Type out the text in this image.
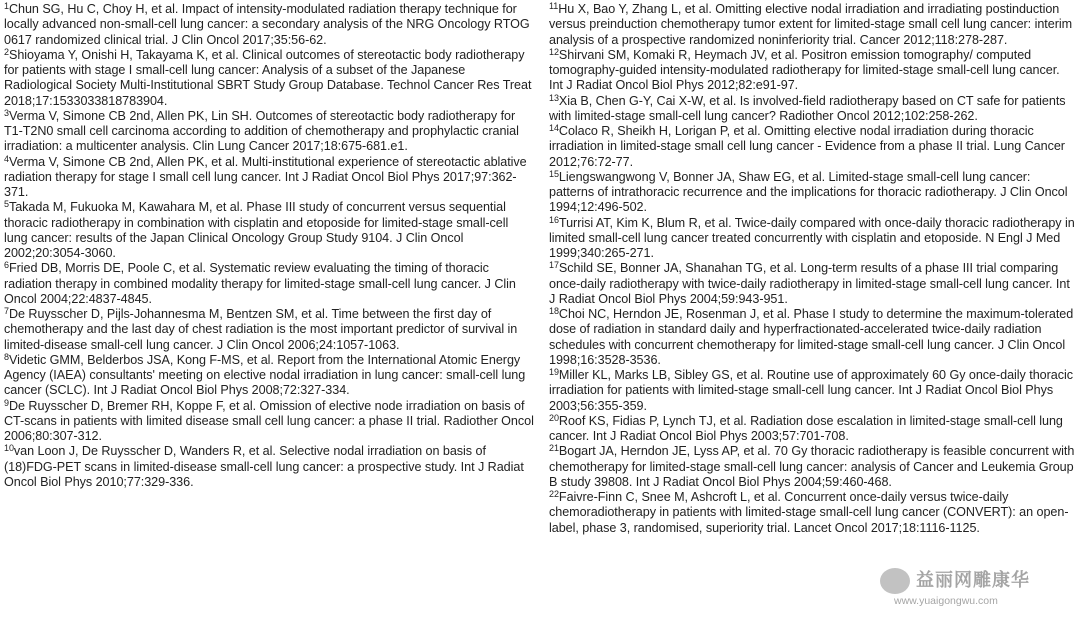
$^1$Chun SG, Hu C, Choy H, et al. Impact of intensity-modulated radiation therapy technique for locally advanced non-small-cell lung cancer: a secondary analysis of the NRG Oncology RTOG 0617 randomized clinical trial. J Clin Oncol 2017;35:56-62.

$^2$Shioyama Y, Onishi H, Takayama K, et al. Clinical outcomes of stereotactic body radiotherapy for patients with stage I small-cell lung cancer: Analysis of a subset of the Japanese Radiological Society Multi-Institutional SBRT Study Group Database. Technol Cancer Res Treat 2018;17:1533033818783904.

$^3$Verma V, Simone CB 2nd, Allen PK, Lin SH. Outcomes of stereotactic body radiotherapy for T1-T2N0 small cell carcinoma according to addition of chemotherapy and prophylactic cranial irradiation: a multicenter analysis. Clin Lung Cancer 2017;18:675-681.e1.

$^4$Verma V, Simone CB 2nd, Allen PK, et al. Multi-institutional experience of stereotactic ablative radiation therapy for stage I small cell lung cancer. Int J Radiat Oncol Biol Phys 2017;97:362-371.

$^5$Takada M, Fukuoka M, Kawahara M, et al. Phase III study of concurrent versus sequential thoracic radiotherapy in combination with cisplatin and etoposide for limited-stage small-cell lung cancer: results of the Japan Clinical Oncology Group Study 9104. J Clin Oncol 2002;20:3054-3060.

$^6$Fried DB, Morris DE, Poole C, et al. Systematic review evaluating the timing of thoracic radiation therapy in combined modality therapy for limited-stage small-cell lung cancer. J Clin Oncol 2004;22:4837-4845.

$^7$De Ruysscher D, Pijls-Johannesma M, Bentzen SM, et al. Time between the first day of chemotherapy and the last day of chest radiation is the most important predictor of survival in limited-disease small-cell lung cancer. J Clin Oncol 2006;24:1057-1063.

$^8$Videtic GMM, Belderbos JSA, Kong F-MS, et al. Report from the International Atomic Energy Agency (IAEA) consultants' meeting on elective nodal irradiation in lung cancer: small-cell lung cancer (SCLC). Int J Radiat Oncol Biol Phys 2008;72:327-334.

$^9$De Ruysscher D, Bremer RH, Koppe F, et al. Omission of elective node irradiation on basis of CT-scans in patients with limited disease small cell lung cancer: a phase II trial. Radiother Oncol 2006;80:307-312.

$^{10}$van Loon J, De Ruysscher D, Wanders R, et al. Selective nodal irradiation on basis of (18)FDG-PET scans in limited-disease small-cell lung cancer: a prospective study. Int J Radiat Oncol Biol Phys 2010;77:329-336.

$^{11}$Hu X, Bao Y, Zhang L, et al. Omitting elective nodal irradiation and irradiating postinduction versus preinduction chemotherapy tumor extent for limited-stage small cell lung cancer: interim analysis of a prospective randomized noninferiority trial. Cancer 2012;118:278-287.

$^{12}$Shirvani SM, Komaki R, Heymach JV, et al. Positron emission tomography/ computed tomography-guided intensity-modulated radiotherapy for limited-stage small-cell lung cancer. Int J Radiat Oncol Biol Phys 2012;82:e91-97.

$^{13}$Xia B, Chen G-Y, Cai X-W, et al. Is involved-field radiotherapy based on CT safe for patients with limited-stage small-cell lung cancer? Radiother Oncol 2012;102:258-262.

$^{14}$Colaco R, Sheikh H, Lorigan P, et al. Omitting elective nodal irradiation during thoracic irradiation in limited-stage small cell lung cancer - Evidence from a phase II trial. Lung Cancer 2012;76:72-77.

$^{15}$Liengswangwong V, Bonner JA, Shaw EG, et al. Limited-stage small-cell lung cancer: patterns of intrathoracic recurrence and the implications for thoracic radiotherapy. J Clin Oncol 1994;12:496-502.

$^{16}$Turrisi AT, Kim K, Blum R, et al. Twice-daily compared with once-daily thoracic radiotherapy in limited small-cell lung cancer treated concurrently with cisplatin and etoposide. N Engl J Med 1999;340:265-271.

$^{17}$Schild SE, Bonner JA, Shanahan TG, et al. Long-term results of a phase III trial comparing once-daily radiotherapy with twice-daily radiotherapy in limited-stage small-cell lung cancer. Int J Radiat Oncol Biol Phys 2004;59:943-951.

$^{18}$Choi NC, Herndon JE, Rosenman J, et al. Phase I study to determine the maximum-tolerated dose of radiation in standard daily and hyperfractionated-accelerated twice-daily radiation schedules with concurrent chemotherapy for limited-stage small-cell lung cancer. J Clin Oncol 1998;16:3528-3536.

$^{19}$Miller KL, Marks LB, Sibley GS, et al. Routine use of approximately 60 Gy once-daily thoracic irradiation for patients with limited-stage small-cell lung cancer. Int J Radiat Oncol Biol Phys 2003;56:355-359.

$^{20}$Roof KS, Fidias P, Lynch TJ, et al. Radiation dose escalation in limited-stage small-cell lung cancer. Int J Radiat Oncol Biol Phys 2003;57:701-708.

$^{21}$Bogart JA, Herndon JE, Lyss AP, et al. 70 Gy thoracic radiotherapy is feasible concurrent with chemotherapy for limited-stage small-cell lung cancer: analysis of Cancer and Leukemia Group B study 39808. Int J Radiat Oncol Biol Phys 2004;59:460-468.

$^{22}$Faivre-Finn C, Snee M, Ashcroft L, et al. Concurrent once-daily versus twice-daily chemoradiotherapy in patients with limited-stage small-cell lung cancer (CONVERT): an open-label, phase 3, randomised, superiority trial. Lancet Oncol 2017;18:1116-1125.

益丽网雕康华
www.yuaigongwu.com
